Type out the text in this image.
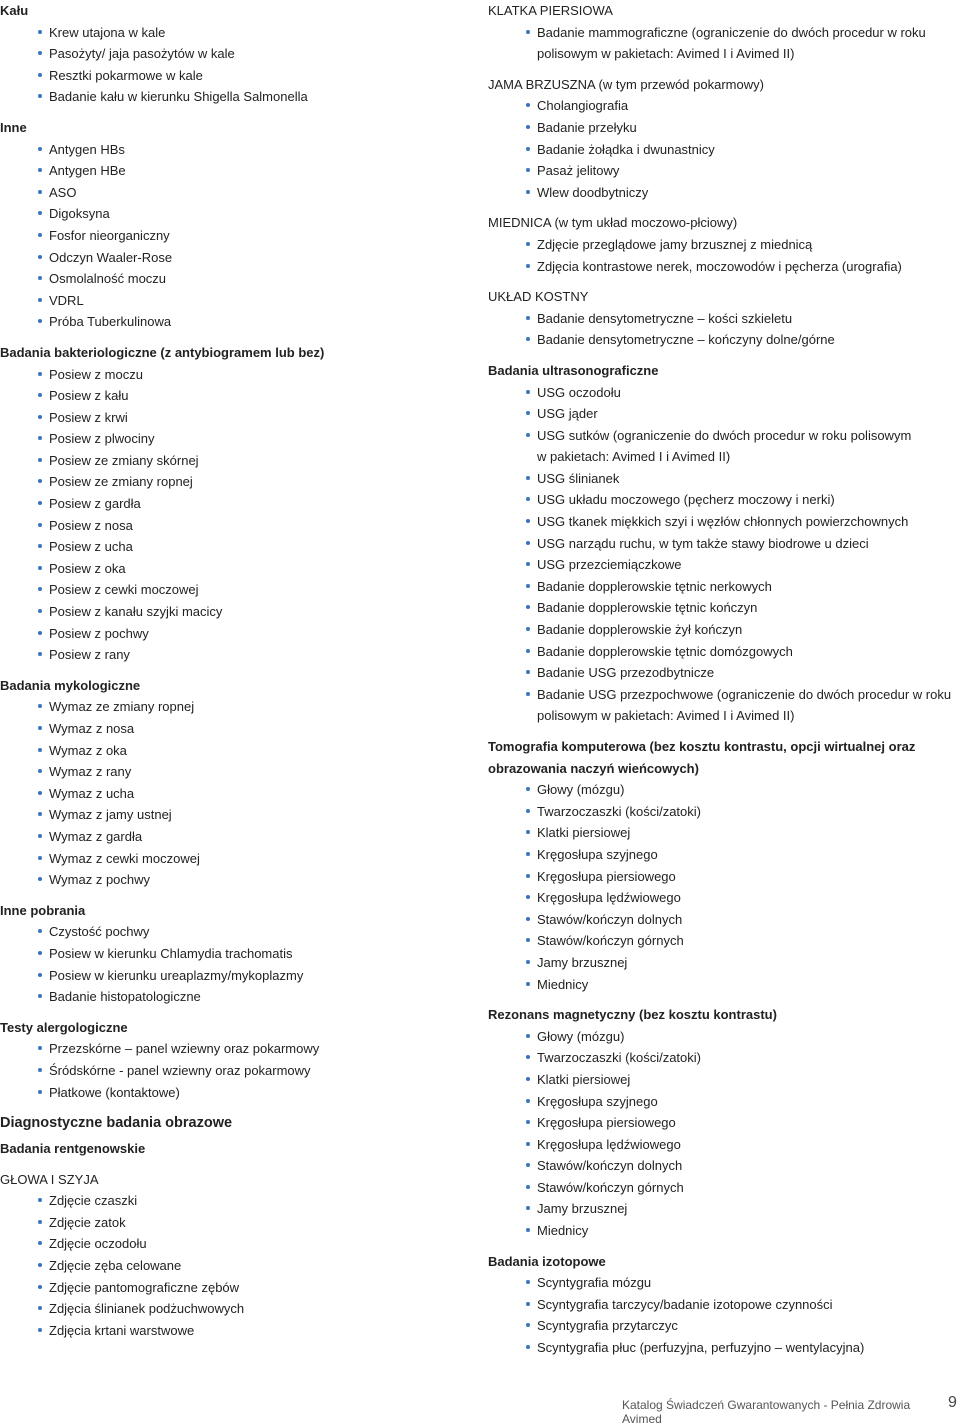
Kału
Krew utajona w kale
Pasożyty/ jaja pasożytów w kale
Resztki pokarmowe w kale
Badanie kału w kierunku Shigella Salmonella
Inne
Antygen HBs
Antygen HBe
ASO
Digoksyna
Fosfor nieorganiczny
Odczyn Waaler-Rose
Osmolalność moczu
VDRL
Próba Tuberkulinowa
Badania bakteriologiczne (z antybiogramem lub bez)
Posiew z moczu
Posiew z kału
Posiew z krwi
Posiew z plwociny
Posiew ze zmiany skórnej
Posiew ze zmiany ropnej
Posiew z gardła
Posiew z nosa
Posiew z ucha
Posiew z oka
Posiew z cewki moczowej
Posiew z kanału szyjki macicy
Posiew z pochwy
Posiew z rany
Badania mykologiczne
Wymaz ze zmiany ropnej
Wymaz z nosa
Wymaz z oka
Wymaz z rany
Wymaz z ucha
Wymaz z jamy ustnej
Wymaz z gardła
Wymaz z cewki moczowej
Wymaz z pochwy
Inne pobrania
Czystość pochwy
Posiew w kierunku Chlamydia trachomatis
Posiew w kierunku ureaplazmy/mykoplazmy
Badanie histopatologiczne
Testy alergologiczne
Przezskórne – panel wziewny oraz pokarmowy
Śródskórne - panel wziewny oraz pokarmowy
Płatkowe (kontaktowe)
Diagnostyczne badania obrazowe
Badania rentgenowskie
GŁOWA I SZYJA
Zdjęcie czaszki
Zdjęcie zatok
Zdjęcie oczodołu
Zdjęcie zęba celowane
Zdjęcie pantomograficzne zębów
Zdjęcia ślinianek podżuchwowych
Zdjęcia krtani warstwowe
KLATKA PIERSIOWA
Badanie mammograficzne (ograniczenie do dwóch procedur w roku
polisowym w pakietach: Avimed I i Avimed II)
JAMA BRZUSZNA (w tym przewód pokarmowy)
Cholangiografia
Badanie przełyku
Badanie żołądka i dwunastnicy
Pasaż jelitowy
Wlew doodbytniczy
MIEDNICA (w tym układ moczowo-płciowy)
Zdjęcie przeglądowe jamy brzusznej z miednicą
Zdjęcia kontrastowe nerek, moczowodów i pęcherza (urografia)
UKŁAD KOSTNY
Badanie densytometryczne – kości szkieletu
Badanie densytometryczne – kończyny dolne/górne
Badania ultrasonograficzne
USG oczodołu
USG jąder
USG sutków (ograniczenie do dwóch procedur w roku polisowym
w pakietach: Avimed I i Avimed II)
USG ślinianek
USG układu moczowego (pęcherz moczowy i nerki)
USG tkanek miękkich szyi i węzłów chłonnych powierzchownych
USG narządu ruchu, w tym także stawy biodrowe u dzieci
USG przezciemiączkowe
Badanie dopplerowskie tętnic nerkowych
Badanie dopplerowskie tętnic kończyn
Badanie dopplerowskie żył kończyn
Badanie dopplerowskie tętnic domózgowych
Badanie USG przezodbytnicze
Badanie USG przezpochwowe (ograniczenie do dwóch procedur w roku
polisowym w pakietach: Avimed I i Avimed II)
Tomografia komputerowa (bez kosztu kontrastu, opcji wirtualnej oraz
obrazowania naczyń wieńcowych)
Głowy (mózgu)
Twarzoczaszki (kości/zatoki)
Klatki piersiowej
Kręgosłupa szyjnego
Kręgosłupa piersiowego
Kręgosłupa lędźwiowego
Stawów/kończyn dolnych
Stawów/kończyn górnych
Jamy brzusznej
Miednicy
Rezonans magnetyczny (bez kosztu kontrastu)
Głowy (mózgu)
Twarzoczaszki (kości/zatoki)
Klatki piersiowej
Kręgosłupa szyjnego
Kręgosłupa piersiowego
Kręgosłupa lędźwiowego
Stawów/kończyn dolnych
Stawów/kończyn górnych
Jamy brzusznej
Miednicy
Badania izotopowe
Scyntygrafia mózgu
Scyntygrafia tarczycy/badanie izotopowe czynności
Scyntygrafia przytarczyc
Scyntygrafia płuc (perfuzyjna, perfuzyjno – wentylacyjna)
Katalog Świadczeń Gwarantowanych - Pełnia Zdrowia Avimed
9
